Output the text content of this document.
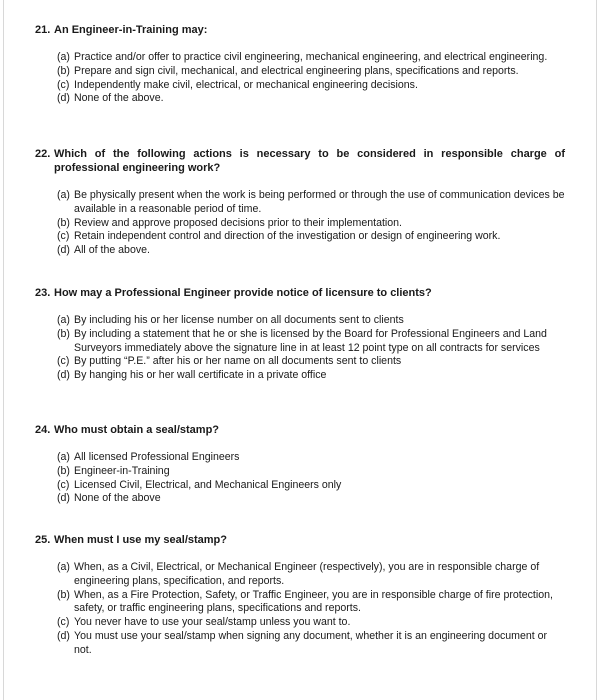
21. An Engineer-in-Training may:
(a) Practice and/or offer to practice civil engineering, mechanical engineering, and electrical engineering.
(b) Prepare and sign civil, mechanical, and electrical engineering plans, specifications and reports.
(c) Independently make civil, electrical, or mechanical engineering decisions.
(d) None of the above.
22. Which of the following actions is necessary to be considered in responsible charge of professional engineering work?
(a) Be physically present when the work is being performed or through the use of communication devices be available in a reasonable period of time.
(b) Review and approve proposed decisions prior to their implementation.
(c) Retain independent control and direction of the investigation or design of engineering work.
(d) All of the above.
23. How may a Professional Engineer provide notice of licensure to clients?
(a) By including his or her license number on all documents sent to clients
(b) By including a statement that he or she is licensed by the Board for Professional Engineers and Land Surveyors immediately above the signature line in at least 12 point type on all contracts for services
(c) By putting “P.E.” after his or her name on all documents sent to clients
(d) By hanging his or her wall certificate in a private office
24. Who must obtain a seal/stamp?
(a) All licensed Professional Engineers
(b) Engineer-in-Training
(c) Licensed Civil, Electrical, and Mechanical Engineers only
(d) None of the above
25. When must I use my seal/stamp?
(a) When, as a Civil, Electrical, or Mechanical Engineer (respectively), you are in responsible charge of engineering plans, specification, and reports.
(b) When, as a Fire Protection, Safety, or Traffic Engineer, you are in responsible charge of fire protection, safety, or traffic engineering plans, specifications and reports.
(c) You never have to use your seal/stamp unless you want to.
(d) You must use your seal/stamp when signing any document, whether it is an engineering document or not.
